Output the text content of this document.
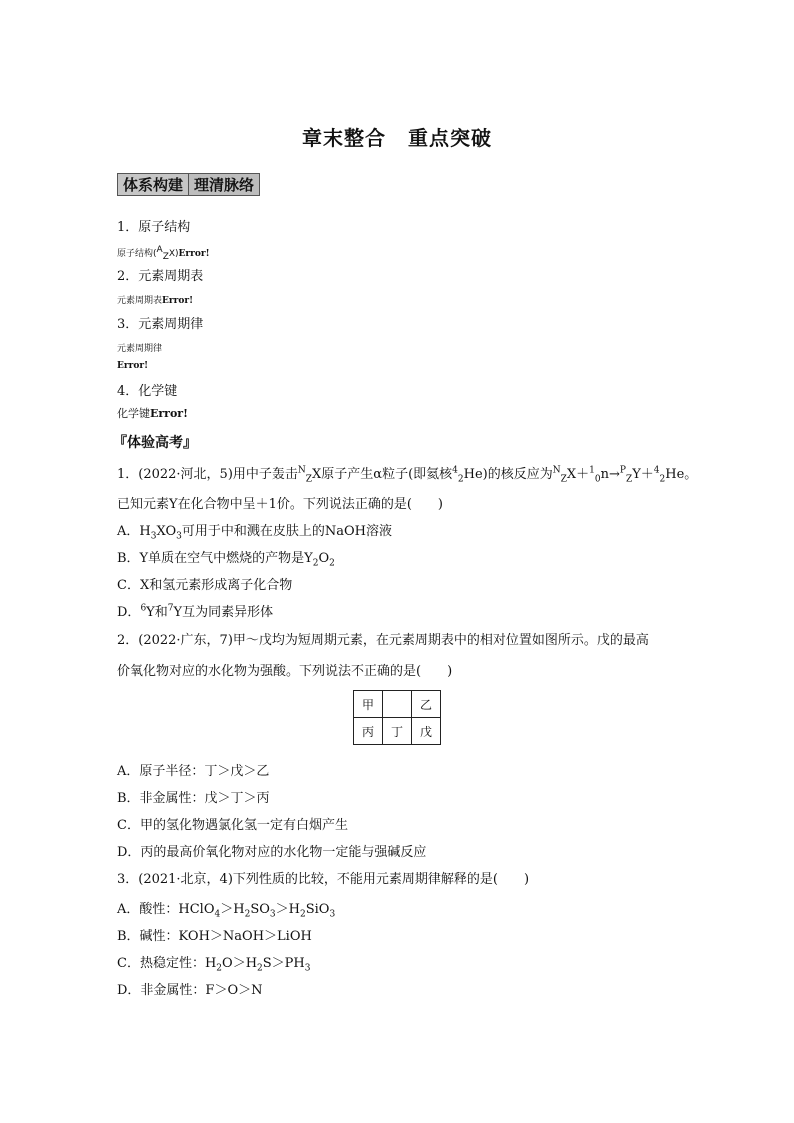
章末整合 重点突破
体系构建 理清脉络
1．原子结构
原子结构($^A_Z$X)Error!
2．元素周期表
元素周期表Error!
3．元素周期律
元素周期律
Error!
4．化学键
化学键Error!
『体验高考』
1．(2022·河北，5)用中子轰击$^N_Z$X原子产生α粒子(即氦核$^4_2$He)的核反应为$^N_Z$X＋$^1_0$n→$^P_Z$Y＋$^4_2$He。
已知元素Y在化合物中呈＋1价。下列说法正确的是(　　)
A．$H_3XO_3$可用于中和溅在皮肤上的NaOH溶液
B．Y单质在空气中燃烧的产物是$Y_2O_2$
C．X和氢元素形成离子化合物
D．$^6$Y和$^7$Y互为同素异形体
2．(2022·广东，7)甲～戊均为短周期元素，在元素周期表中的相对位置如图所示。戊的最高
价氧化物对应的水化物为强酸。下列说法不正确的是(　　)
甲		乙
丙	丁	戊
A．原子半径：丁＞戊＞乙
B．非金属性：戊＞丁＞丙
C．甲的氢化物遇氯化氢一定有白烟产生
D．丙的最高价氧化物对应的水化物一定能与强碱反应
3．(2021·北京，4)下列性质的比较，不能用元素周期律解释的是(　　)
A．酸性：$HClO_4>H_2SO_3>H_2SiO_3$
B．碱性：KOH＞NaOH＞LiOH
C．热稳定性：$H_2O>H_2S>PH_3$
D．非金属性：F＞O＞N
